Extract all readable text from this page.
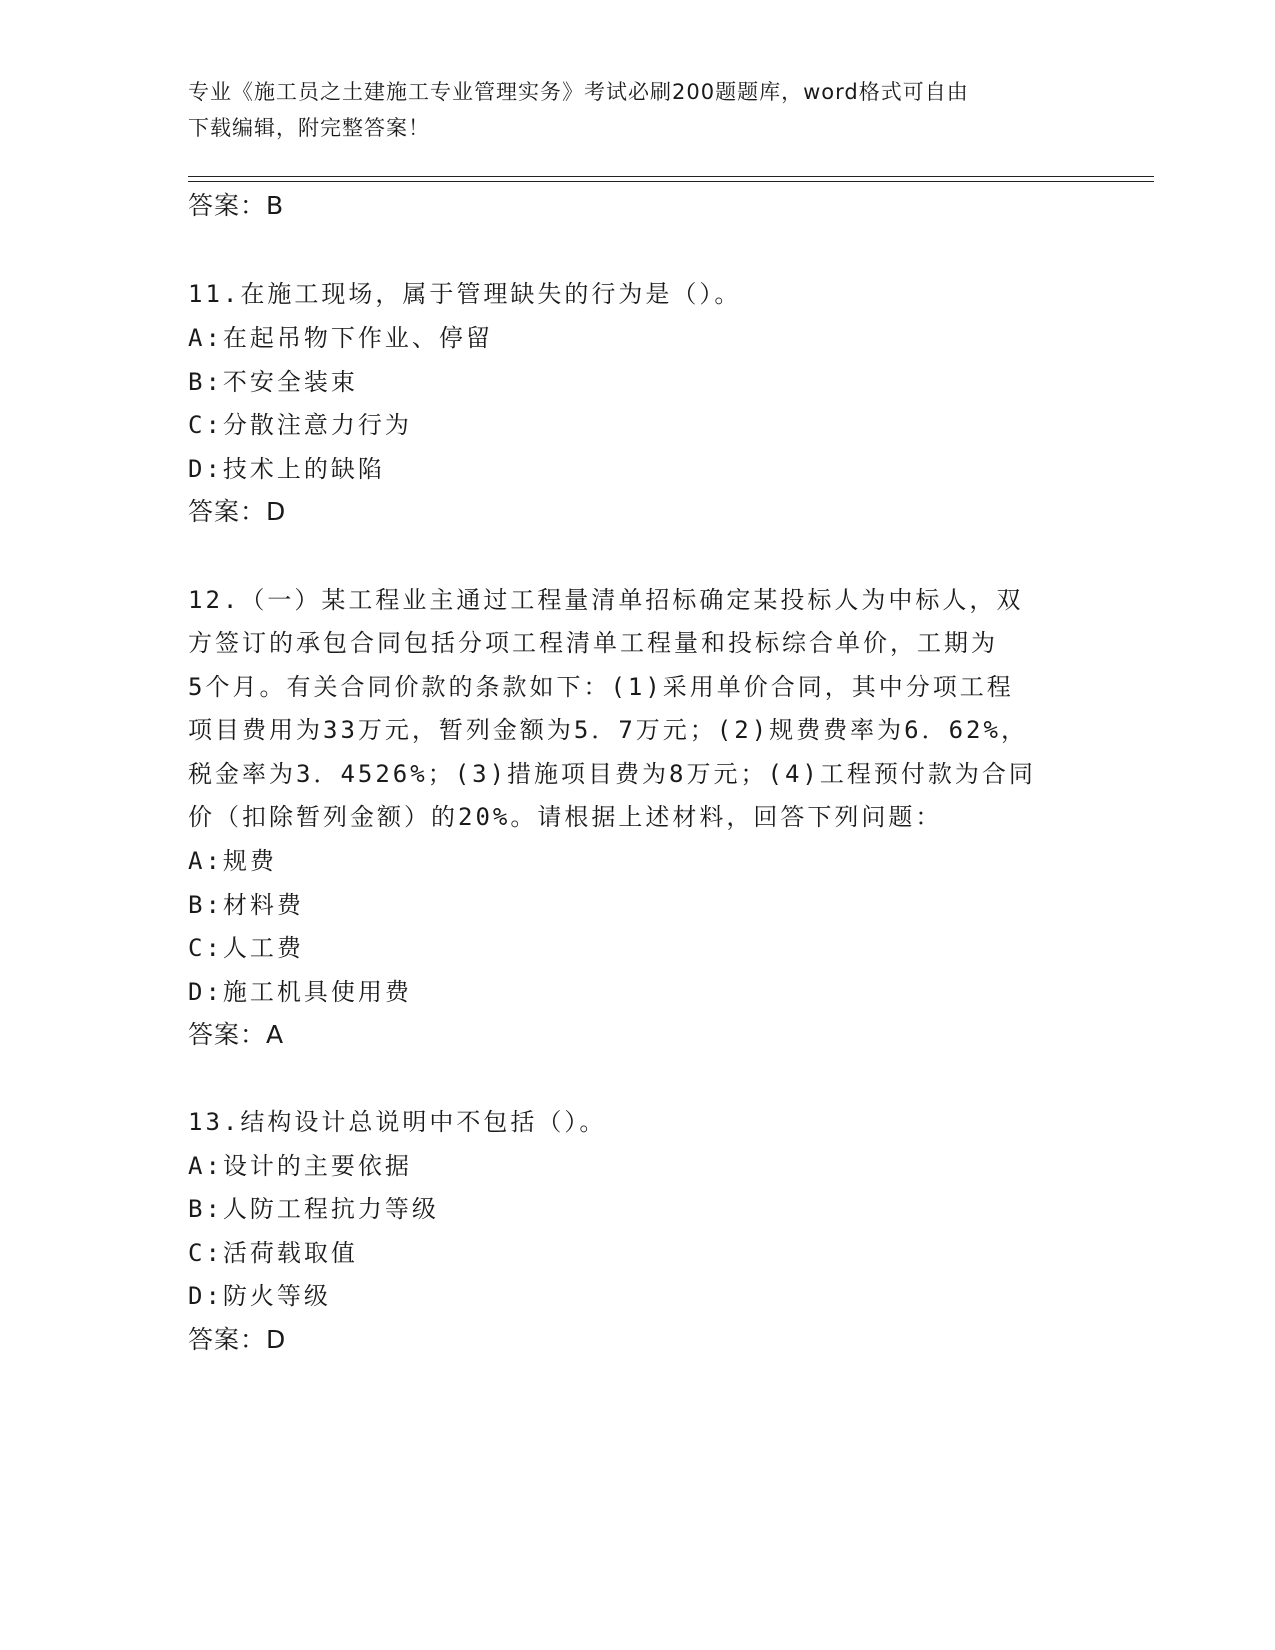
专业《施工员之土建施工专业管理实务》考试必刷200题题库，word格式可自由
下载编辑，附完整答案！
答案：B
11.在施工现场，属于管理缺失的行为是（）。
A:在起吊物下作业、停留
B:不安全装束
C:分散注意力行为
D:技术上的缺陷
答案：D
12.（一）某工程业主通过工程量清单招标确定某投标人为中标人，双
方签订的承包合同包括分项工程清单工程量和投标综合单价，工期为
5个月。有关合同价款的条款如下：(1)采用单价合同，其中分项工程
项目费用为33万元，暂列金额为5．7万元；(2)规费费率为6．62%，
税金率为3．4526%；(3)措施项目费为8万元；(4)工程预付款为合同
价（扣除暂列金额）的20%。请根据上述材料，回答下列问题：
A:规费
B:材料费
C:人工费
D:施工机具使用费
答案：A
13.结构设计总说明中不包括（）。
A:设计的主要依据
B:人防工程抗力等级
C:活荷载取值
D:防火等级
答案：D
